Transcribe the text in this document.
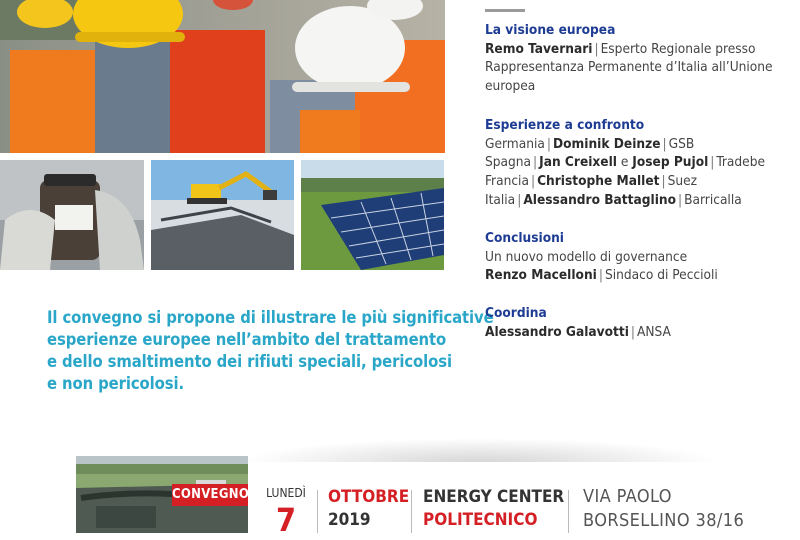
Il convegno si propone di illustrare le più significative
esperienze europee nell’ambito del trattamento
e dello smaltimento dei rifiuti speciali, pericolosi
e non pericolosi.
La visione europea
Remo Tavernari | Esperto Regionale presso
Rappresentanza Permanente d’Italia all’Unione
europea
Esperienze a confronto
Germania | Dominik Deinze | GSB
Spagna | Jan Creixell e Josep Pujol | Tradebe
Francia | Christophe Mallet | Suez
Italia | Alessandro Battaglino | Barricalla
Conclusioni
Un nuovo modello di governance
Renzo Macelloni | Sindaco di Peccioli
Coordina
Alessandro Galavotti | ANSA
CONVEGNO LUNEDÌ
7
OTTOBRE
2019
ENERGY CENTER
POLITECNICO
VIA PAOLO
BORSELLINO 38/16
